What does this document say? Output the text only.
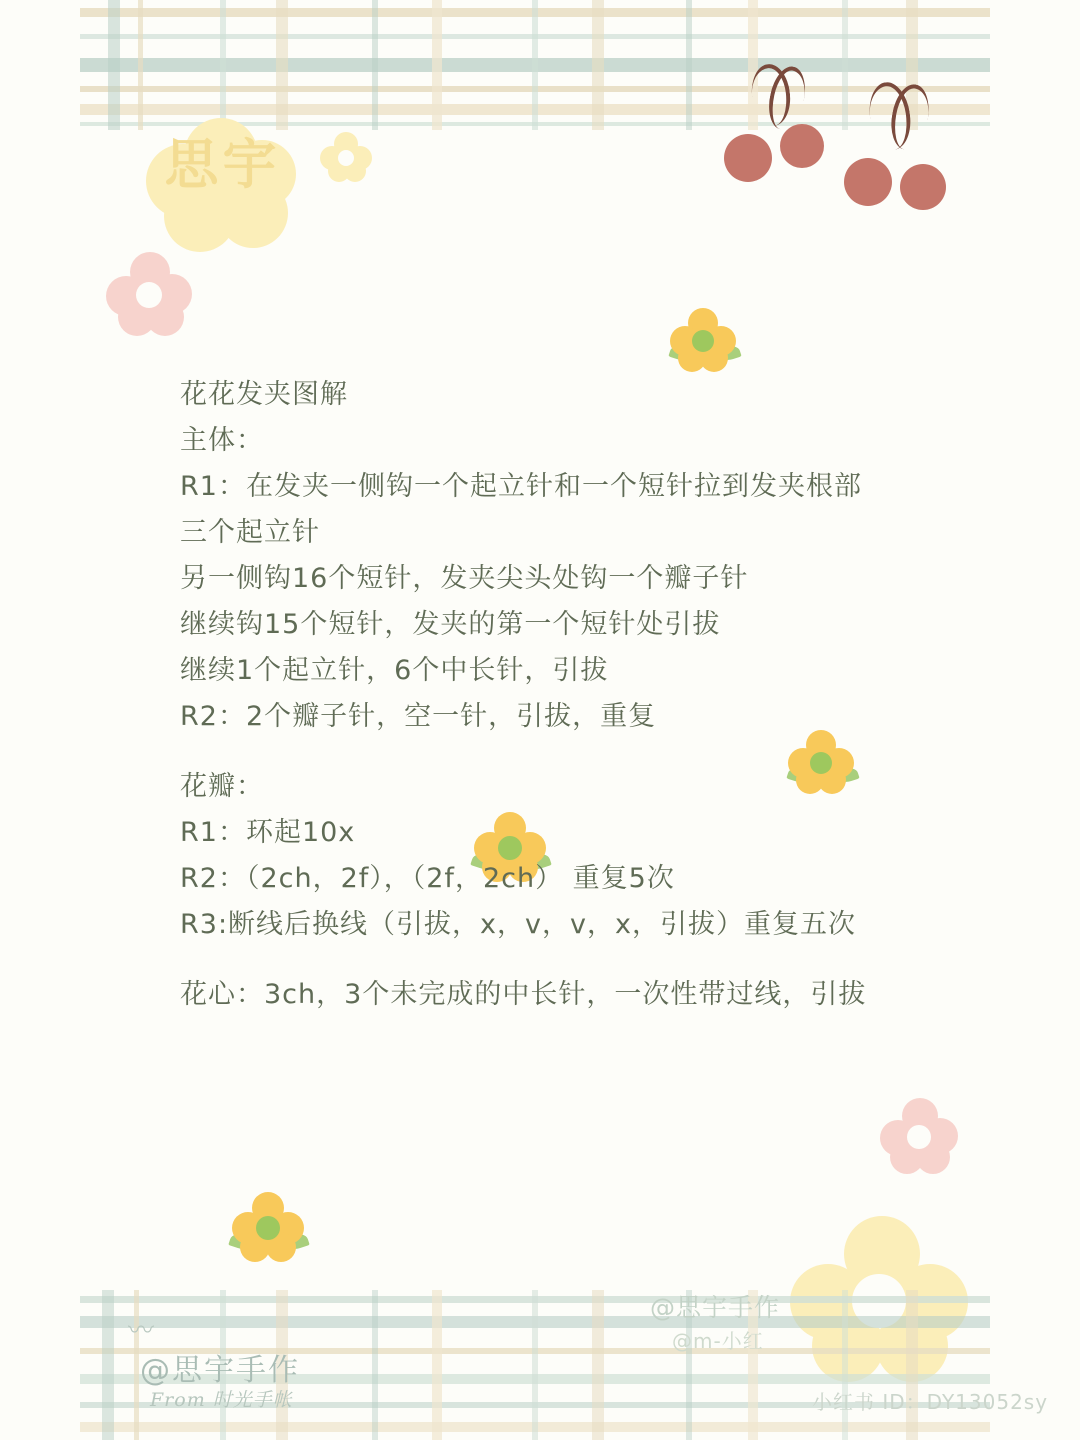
思宇
花花发夹图解
主体：
R1：在发夹一侧钩一个起立针和一个短针拉到发夹根部
三个起立针
另一侧钩16个短针，发夹尖头处钩一个瓣子针
继续钩15个短针，发夹的第一个短针处引拔
继续1个起立针，6个中长针，引拔
R2：2个瓣子针，空一针，引拔，重复
花瓣：
R1：环起10x
R2：（2ch，2f），（2f，2ch） 重复5次
R3:断线后换线（引拔，x，v，v，x，引拔）重复五次
花心：3ch，3个未完成的中长针，一次性带过线，引拔
〰
@思宇手作
From 时光手帐
@思宇手作
@m-小红
小红书 ID：DY13052sy
